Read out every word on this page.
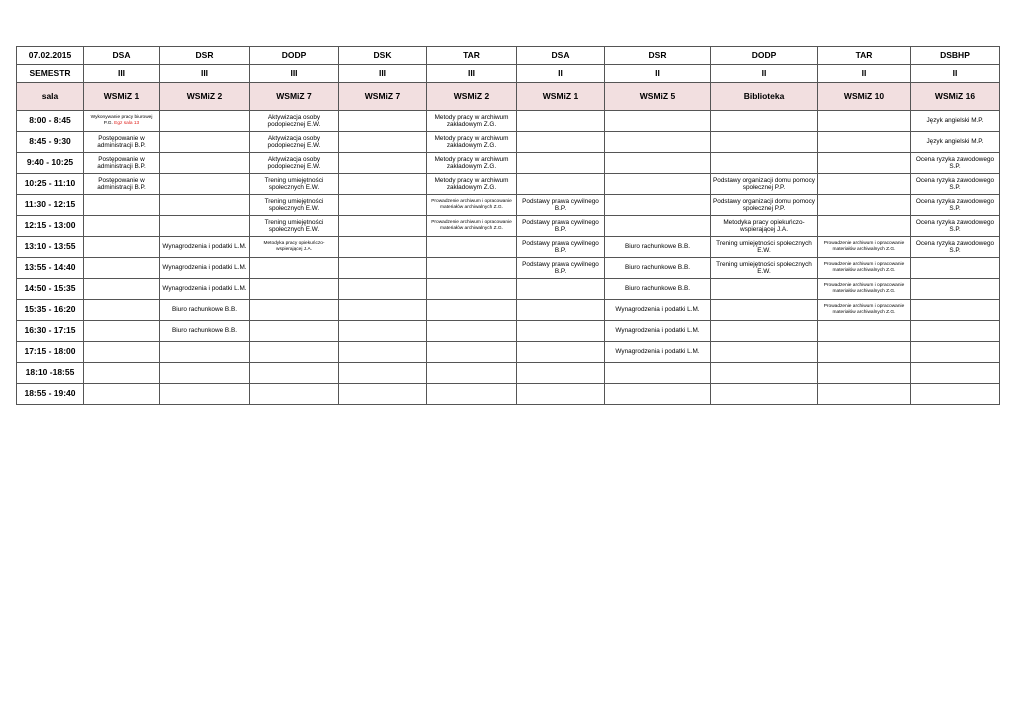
07.02.2015	DSA	DSR	DODP	DSK	TAR	DSA	DSR	DODP	TAR	DSBHP
SEMESTR	III	III	III	III	III	II	II	II	II	II
sala	WSMiZ 1	WSMiZ 2	WSMiZ 7	WSMiZ 7	WSMiZ 2	WSMiZ 1	WSMiZ 5	Biblioteka	WSMiZ 10	WSMiZ 16
8:00 - 8:45	Wykonywanie pracy biurowej P.G. Egz sala 13		Aktywizacja osoby podopiecznej E.W.		Metody pracy w archiwum zakładowym Z.G.					Język angielski M.P.
8:45 - 9:30	Postępowanie w administracji B.P.		Aktywizacja osoby podopiecznej E.W.		Metody pracy w archiwum zakładowym Z.G.					Język angielski M.P.
9:40 - 10:25	Postępowanie w administracji B.P.		Aktywizacja osoby podopiecznej E.W.		Metody pracy w archiwum zakładowym Z.G.					Ocena ryzyka zawodowego S.P.
10:25 - 11:10	Postępowanie w administracji B.P.		Trening umiejętności społecznych E.W.		Metody pracy w archiwum zakładowym Z.G.			Podstawy organizacji domu pomocy społecznej P.P.		Ocena ryzyka zawodowego S.P.
11:30 - 12:15			Trening umiejętności społecznych E.W.		Prowadzenie archiwum i opracowanie materiałów archiwalnych Z.G.	Podstawy prawa cywilnego B.P.		Podstawy organizacji domu pomocy społecznej P.P.		Ocena ryzyka zawodowego S.P.
12:15 - 13:00			Trening umiejętności społecznych E.W.		Prowadzenie archiwum i opracowanie materiałów archiwalnych Z.G.	Podstawy prawa cywilnego B.P.		Metodyka pracy opiekuńczo-wspierającej J.A.		Ocena ryzyka zawodowego S.P.
13:10 - 13:55		Wynagrodzenia i podatki L.M.	Metodyka pracy opiekuńczo-wspierającej J.A.			Podstawy prawa cywilnego B.P.	Biuro rachunkowe B.B.	Trening umiejętności społecznych E.W.	Prowadzenie archiwum i opracowanie materiałów archiwalnych Z.G.	Ocena ryzyka zawodowego S.P.
13:55 - 14:40		Wynagrodzenia i podatki L.M.				Podstawy prawa cywilnego B.P.	Biuro rachunkowe B.B.	Trening umiejętności społecznych E.W.	Prowadzenie archiwum i opracowanie materiałów archiwalnych Z.G.	
14:50 - 15:35		Wynagrodzenia i podatki L.M.					Biuro rachunkowe B.B.		Prowadzenie archiwum i opracowanie materiałów archiwalnych Z.G.	
15:35 - 16:20		Biuro rachunkowe B.B.					Wynagrodzenia i podatki L.M.		Prowadzenie archiwum i opracowanie materiałów archiwalnych Z.G.	
16:30 - 17:15		Biuro rachunkowe B.B.					Wynagrodzenia i podatki L.M.			
17:15 - 18:00							Wynagrodzenia i podatki L.M.			
18:10 -18:55										
18:55 - 19:40										
